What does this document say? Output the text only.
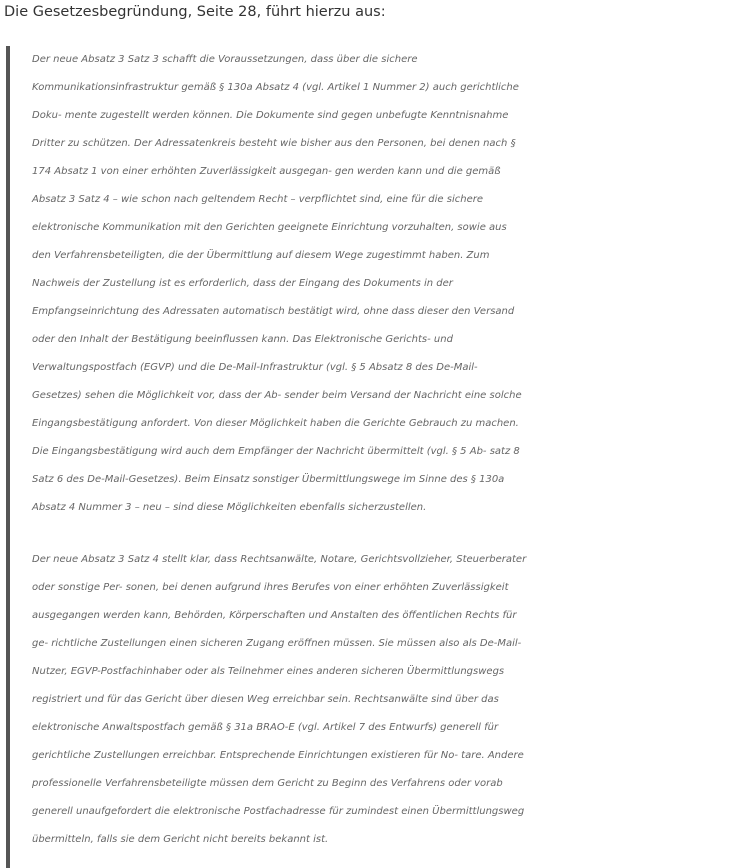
Die Gesetzesbegründung, Seite 28, führt hierzu aus:

Der neue Absatz 3 Satz 3 schafft die Voraussetzungen, dass über die sichere
Kommunikationsinfrastruktur gemäß § 130a Absatz 4 (vgl. Artikel 1 Nummer 2) auch gerichtliche
Doku- mente zugestellt werden können. Die Dokumente sind gegen unbefugte Kenntnisnahme
Dritter zu schützen. Der Adressatenkreis besteht wie bisher aus den Personen, bei denen nach §
174 Absatz 1 von einer erhöhten Zuverlässigkeit ausgegan- gen werden kann und die gemäß
Absatz 3 Satz 4 – wie schon nach geltendem Recht – verpflichtet sind, eine für die sichere
elektronische Kommunikation mit den Gerichten geeignete Einrichtung vorzuhalten, sowie aus
den Verfahrensbeteiligten, die der Übermittlung auf diesem Wege zugestimmt haben. Zum
Nachweis der Zustellung ist es erforderlich, dass der Eingang des Dokuments in der
Empfangseinrichtung des Adressaten automatisch bestätigt wird, ohne dass dieser den Versand
oder den Inhalt der Bestätigung beeinflussen kann. Das Elektronische Gerichts- und
Verwaltungspostfach (EGVP) und die De-Mail-Infrastruktur (vgl. § 5 Absatz 8 des De-Mail-
Gesetzes) sehen die Möglichkeit vor, dass der Ab- sender beim Versand der Nachricht eine solche
Eingangsbestätigung anfordert. Von dieser Möglichkeit haben die Gerichte Gebrauch zu machen.
Die Eingangsbestätigung wird auch dem Empfänger der Nachricht übermittelt (vgl. § 5 Ab- satz 8
Satz 6 des De-Mail-Gesetzes). Beim Einsatz sonstiger Übermittlungswege im Sinne des § 130a
Absatz 4 Nummer 3 – neu – sind diese Möglichkeiten ebenfalls sicherzustellen.

Der neue Absatz 3 Satz 4 stellt klar, dass Rechtsanwälte, Notare, Gerichtsvollzieher, Steuerberater
oder sonstige Per- sonen, bei denen aufgrund ihres Berufes von einer erhöhten Zuverlässigkeit
ausgegangen werden kann, Behörden, Körperschaften und Anstalten des öffentlichen Rechts für
ge- richtliche Zustellungen einen sicheren Zugang eröffnen müssen. Sie müssen also als De-Mail-
Nutzer, EGVP-Postfachinhaber oder als Teilnehmer eines anderen sicheren Übermittlungswegs
registriert und für das Gericht über diesen Weg erreichbar sein. Rechtsanwälte sind über das
elektronische Anwaltspostfach gemäß § 31a BRAO-E (vgl. Artikel 7 des Entwurfs) generell für
gerichtliche Zustellungen erreichbar. Entsprechende Einrichtungen existieren für No- tare. Andere
professionelle Verfahrensbeteiligte müssen dem Gericht zu Beginn des Verfahrens oder vorab
generell unaufgefordert die elektronische Postfachadresse für zumindest einen Übermittlungsweg
übermitteln, falls sie dem Gericht nicht bereits bekannt ist.
